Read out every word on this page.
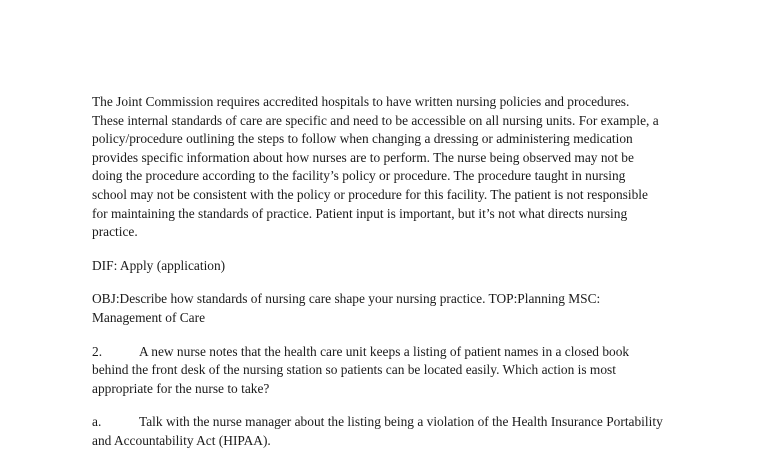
The Joint Commission requires accredited hospitals to have written nursing policies and procedures.
These internal standards of care are specific and need to be accessible on all nursing units. For example, a
policy/procedure outlining the steps to follow when changing a dressing or administering medication
provides specific information about how nurses are to perform. The nurse being observed may not be
doing the procedure according to the facility’s policy or procedure. The procedure taught in nursing
school may not be consistent with the policy or procedure for this facility. The patient is not responsible
for maintaining the standards of practice. Patient input is important, but it’s not what directs nursing
practice.

DIF: Apply (application)

OBJ:Describe how standards of nursing care shape your nursing practice. TOP:Planning MSC:
Management of Care

2.	A new nurse notes that the health care unit keeps a listing of patient names in a closed book
behind the front desk of the nursing station so patients can be located easily. Which action is most
appropriate for the nurse to take?

a.	Talk with the nurse manager about the listing being a violation of the Health Insurance Portability
and Accountability Act (HIPAA).
